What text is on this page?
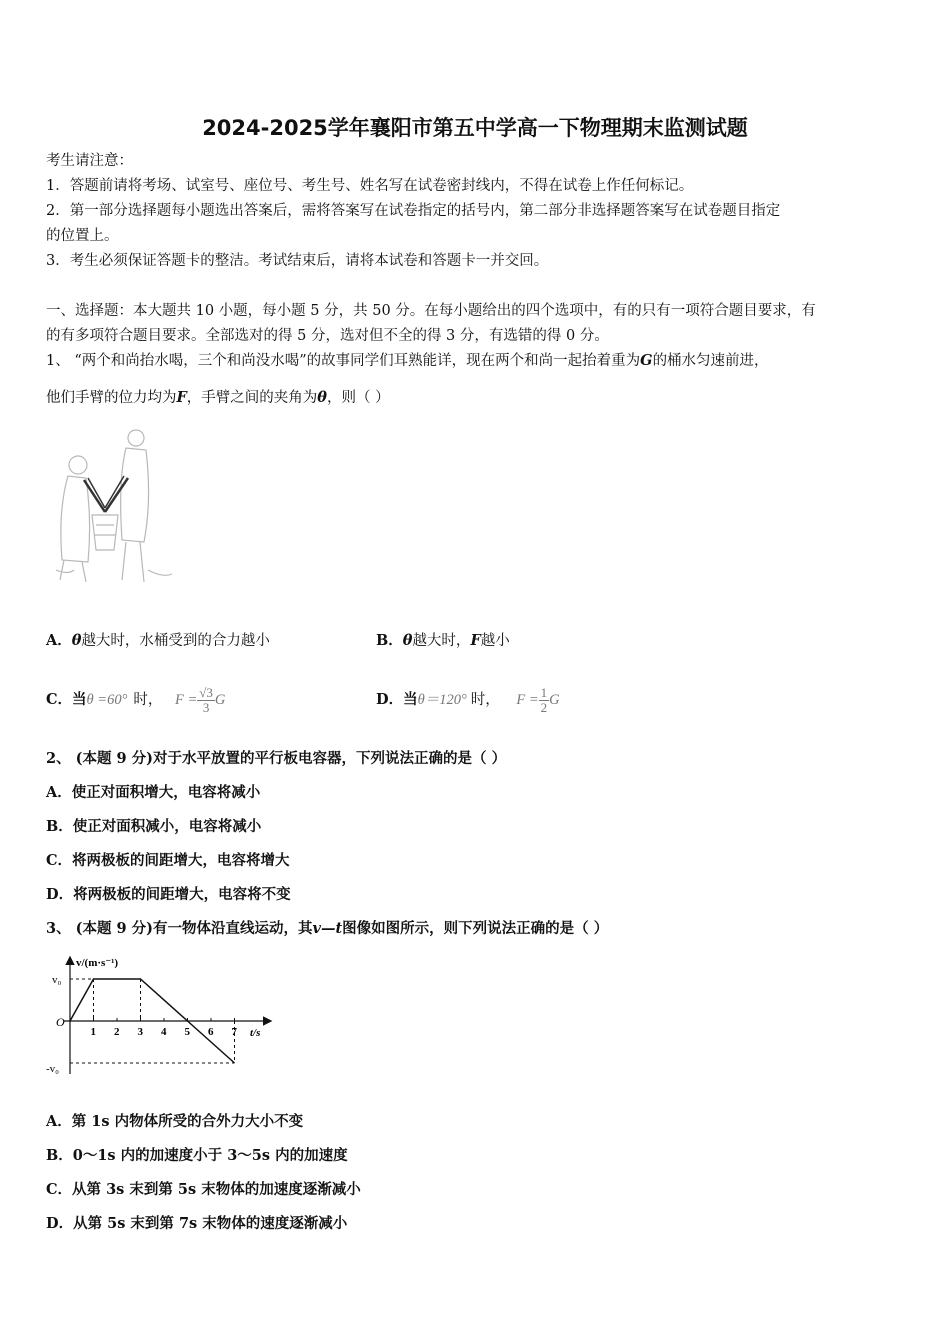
2024-2025学年襄阳市第五中学高一下物理期末监测试题
考生请注意：
1．答题前请将考场、试室号、座位号、考生号、姓名写在试卷密封线内，不得在试卷上作任何标记。
2．第一部分选择题每小题选出答案后，需将答案写在试卷指定的括号内，第二部分非选择题答案写在试卷题目指定
的位置上。
3．考生必须保证答题卡的整洁。考试结束后，请将本试卷和答题卡一并交回。
一、选择题：本大题共 10 小题，每小题 5 分，共 50 分。在每小题给出的四个选项中，有的只有一项符合题目要求，有
的有多项符合题目要求。全部选对的得 5 分，选对但不全的得 3 分，有选错的得 0 分。
1、 “两个和尚抬水喝，三个和尚没水喝”的故事同学们耳熟能详，现在两个和尚一起抬着重为G的桶水匀速前进，
他们手臂的位力均为F，手臂之间的夹角为θ，则（ ）
A．θ越大时，水桶受到的合力越小	B．θ越大时，F越小
C．当θ =60° 时， $F = \frac{√3}{3}$ G	D．当θ＝120° 时， $F = \frac{1}{2}$ G
2、 (本题 9 分)对于水平放置的平行板电容器，下列说法正确的是（ ）
A．使正对面积增大，电容将减小
B．使正对面积减小，电容将减小
C．将两极板的间距增大，电容将增大
D．将两极板的间距增大，电容将不变
3、 (本题 9 分)有一物体沿直线运动，其v—t图像如图所示，则下列说法正确的是（ ）
1 2 3 4 5 6 7
v/(m·s⁻¹)
t/s
O
v₀
-v₀
A．第 1s 内物体所受的合外力大小不变
B．0～1s 内的加速度小于 3～5s 内的加速度
C．从第 3s 末到第 5s 末物体的加速度逐渐减小
D．从第 5s 末到第 7s 末物体的速度逐渐减小
